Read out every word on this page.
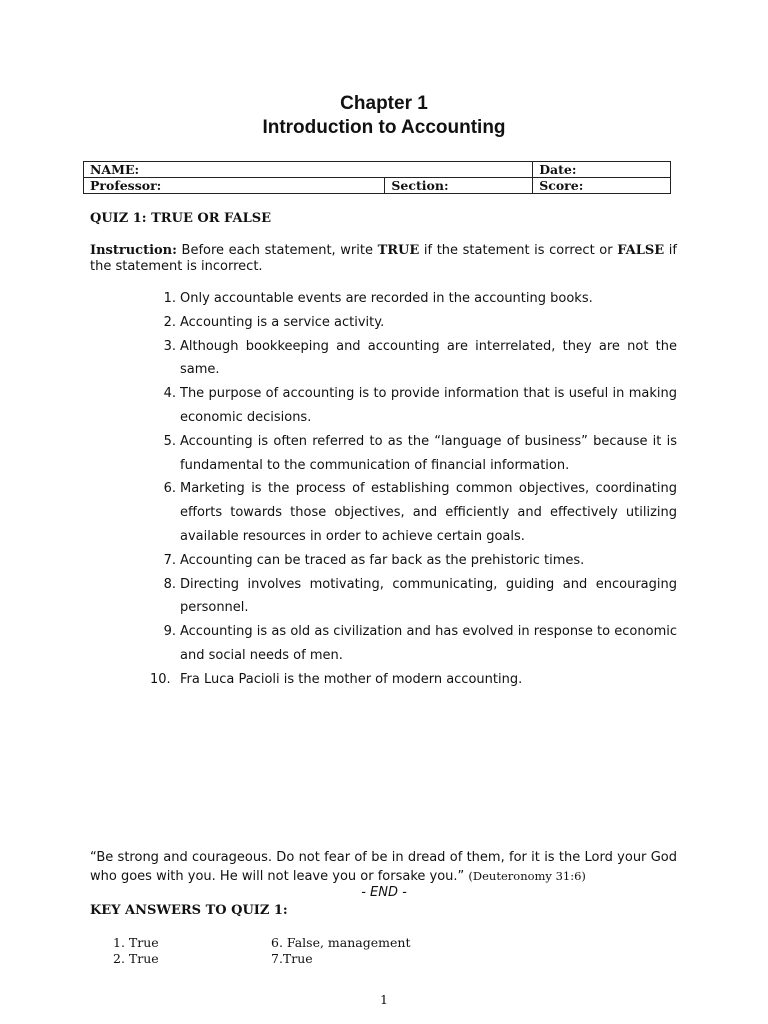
Chapter 1
Introduction to Accounting
NAME:		Date:
Professor:	Section:	Score:
QUIZ 1: TRUE OR FALSE
Instruction: Before each statement, write TRUE if the statement is correct or FALSE if the statement is incorrect.
1. Only accountable events are recorded in the accounting books.
2. Accounting is a service activity.
3. Although bookkeeping and accounting are interrelated, they are not the same.
4. The purpose of accounting is to provide information that is useful in making economic decisions.
5. Accounting is often referred to as the “language of business” because it is fundamental to the communication of financial information.
6. Marketing is the process of establishing common objectives, coordinating efforts towards those objectives, and efficiently and effectively utilizing available resources in order to achieve certain goals.
7. Accounting can be traced as far back as the prehistoric times.
8. Directing involves motivating, communicating, guiding and encouraging personnel.
9. Accounting is as old as civilization and has evolved in response to economic and social needs of men.
10. Fra Luca Pacioli is the mother of modern accounting.
“Be strong and courageous. Do not fear of be in dread of them, for it is the Lord your God who goes with you. He will not leave you or forsake you.” (Deuteronomy 31:6)
- END -
KEY ANSWERS TO QUIZ 1:
1. True
2. True
6. False, management
7.True
1
